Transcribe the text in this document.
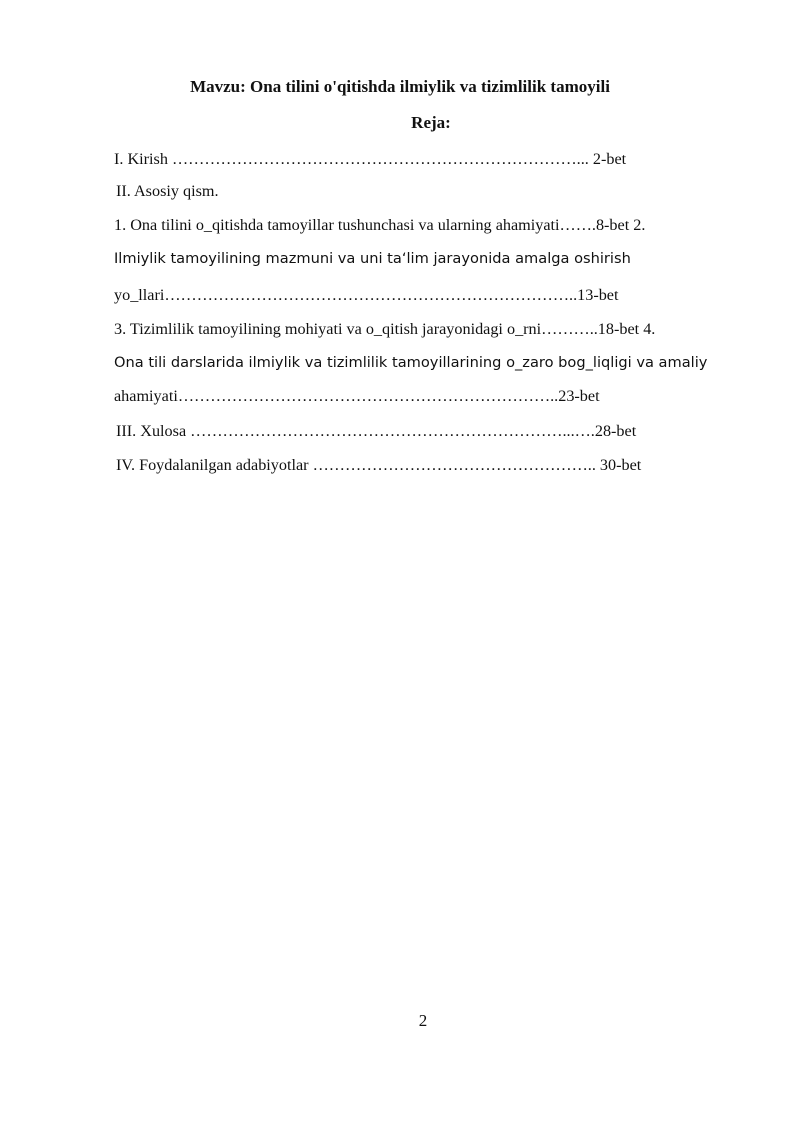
Mavzu: Ona tilini o'qitishda ilmiylik va tizimlilik tamoyili
Reja:
I. Kirish …………………………………………………………………... 2-bet
II. Asosiy qism.
1. Ona tilini o_qitishda tamoyillar tushunchasi va ularning ahamiyati…….8-bet 2.
Ilmiylik tamoyilining mazmuni va uni ta‘lim jarayonida amalga oshirish
yo_llari…………………………………………………………………..13-bet
3. Tizimlilik tamoyilining mohiyati va o_qitish jarayonidagi o_rni………..18-bet 4.
Ona tili darslarida ilmiylik va tizimlilik tamoyillarining o_zaro bog_liqligi va amaliy
ahamiyati……………………………………………………………..23-bet
III. Xulosa ……………………………………………………………...….28-bet
IV. Foydalanilgan adabiyotlar …………………………………………….. 30-bet
2
